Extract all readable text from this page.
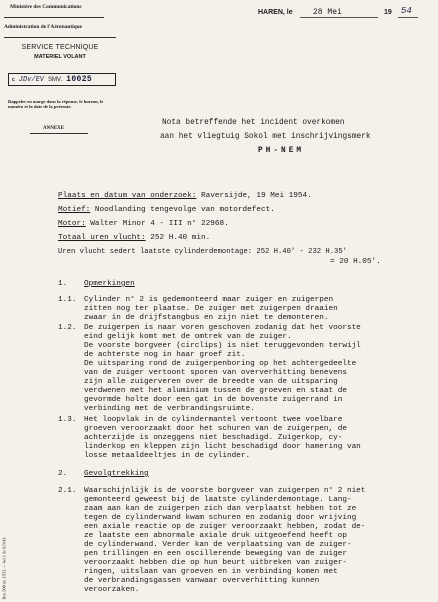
Ministère des Communications
Administration de l'Aéronautique
SERVICE TECHNIQUE
MATERIEL VOLANT
c JDv/EV SMV. 10025
Rappeler en marge dans la réponse, le bureau, le numéro et la date de la présente.
ANNEXE
HAREN, le	28 Mei	19 54
Nota betreffende het incident overkomen
aan het vliegtuig Sokol met inschrijvingsmerk
PH-NEM
Plaats en datum van onderzoek: Raversijde, 19 Mei 1954.
Motief: Noodlanding tengevolge van motordefect.
Motor: Walter Minor 4 - III n° 22968.
Totaal uren vlucht: 252 H.40 min.
Uren vlucht sedert laatste cylinderdemontage: 252 H.40' - 232 H.35'
= 20 H.05'.
1. Opmerkingen
1.1. Cylinder n° 2 is gedemonteerd maar zuiger en zuigerpen
zitten nog ter plaatse. De zuiger met zuigerpen draaien
zwaar in de drijfstangbus en zijn niet te demonteren.
1.2. De zuigerpen is naar voren geschoven zodanig dat het voorste
eind gelijk komt met de omtrek van de zuiger.
De voorste borgveer (circlips) is niet teruggevonden terwijl
de achterste nog in haar groef zit.
De uitsparing rond de zuigerpenboring op het achtergedeelte
van de zuiger vertoont sporen van oververhitting benevens
zijn alle zuigerveren over de breedte van de uitsparing
verdwenen met het aluminium tussen de groeven en staat de
gevormde holte door een gat in de bovenste zuigerrand in
verbinding met de verbrandingsruimte.
1.3. Het loopvlak in de cylindermantel vertoont twee voelbare
groeven veroorzaakt door het schuren van de zuigerpen, de
achterzijde is onzeggens niet beschadigd. Zuigerkop, cy-
linderkop en kleppen zijn licht beschadigd door hamering van
losse metaaldeeltjes in de cylinder.
2. Gevolgtrekking
2.1. Waarschijnlijk is de voorste borgveer van zuigerpen n° 2 niet
gemonteerd geweest bij de laatste cylinderdemontage. Lang-
zaam aan kan de zuigerpen zich dan verplaatst hebben tot ze
tegen de cylinderwand kwam schuren en zodanig door wrijving
een axiale reactie op de zuiger veroorzaakt hebben, zodat de-
ze laatste een abnormale axiale druk uitgeoefend heeft op
de cylinderwand. Verder kan de verplaatsing van de zuiger-
pen trillingen en een oscillerende beweging van de zuiger
veroorzaakt hebben die op hun beurt uitbreken van zuiger-
ringen, uitslaan van groeven en in verbinding komen met
de verbrandingsgassen vanwaar oververhitting kunnen
veroorzaken.
Bm 500 de 1952 — bd 1 dr 6/3/43
